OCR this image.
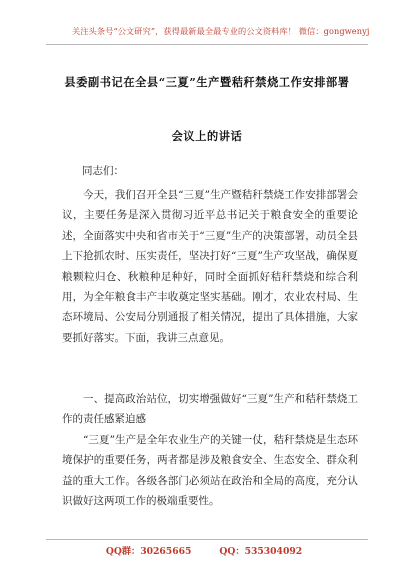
关注头条号“公文研究”，获得最新最全最专业的公文资料库！ 微信：gongwenyj
县委副书记在全县“三夏”生产暨秸秆禁烧工作安排部署
会议上的讲话
同志们：

今天，我们召开全县“三夏”生产暨秸秆禁烧工作安排部署会议，主要任务是深入贯彻习近平总书记关于粮食安全的重要论述，全面落实中央和省市关于“三夏”生产的决策部署，动员全县上下抢抓农时、压实责任，坚决打好“三夏”生产攻坚战，确保夏粮颗粒归仓、秋粮种足种好，同时全面抓好秸秆禁烧和综合利用，为全年粮食丰产丰收奠定坚实基础。刚才，农业农村局、生态环境局、公安局分别通报了相关情况，提出了具体措施，大家要抓好落实。下面，我讲三点意见。

一、提高政治站位，切实增强做好“三夏”生产和秸秆禁烧工作的责任感紧迫感

“三夏”生产是全年农业生产的关键一仗，秸秆禁烧是生态环境保护的重要任务，两者都是涉及粮食安全、生态安全、群众利益的重大工作。各级各部门必须站在政治和全局的高度，充分认识做好这两项工作的极端重要性。

QQ群：30265665	QQ：535304092
